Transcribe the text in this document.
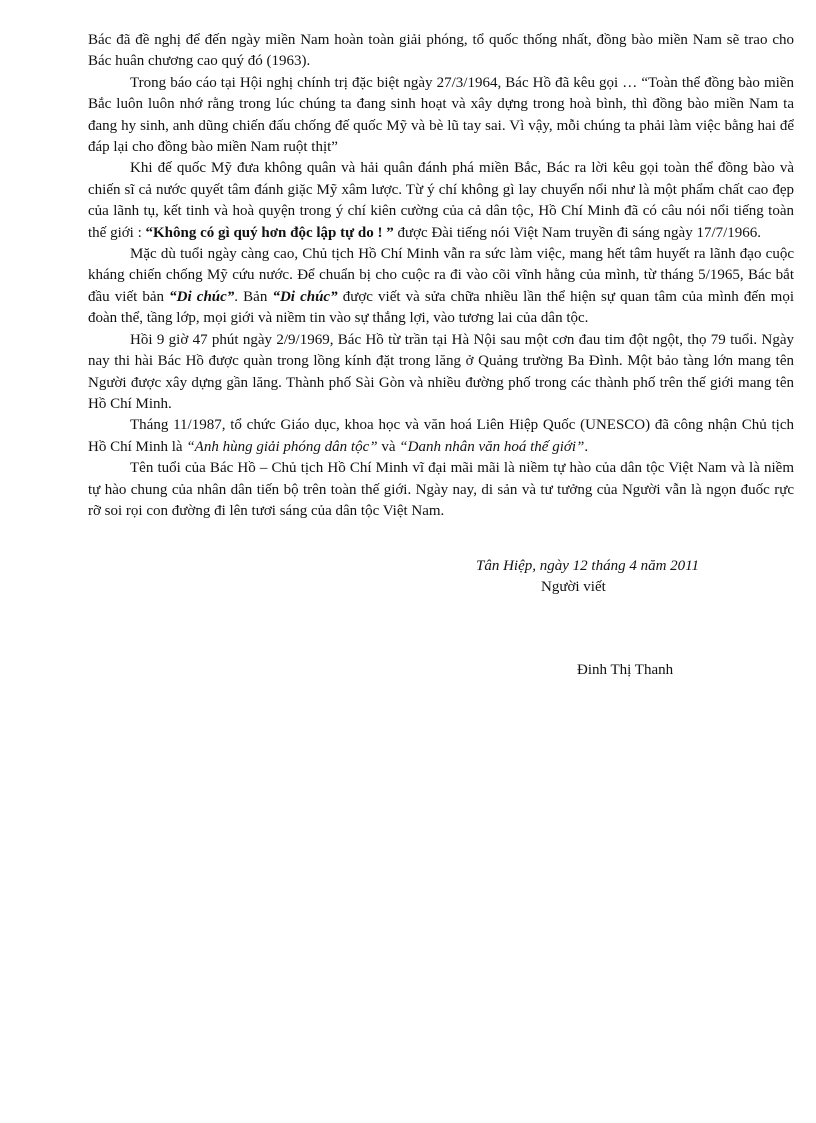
Bác đã đề nghị để đến ngày miền Nam hoàn toàn giải phóng, tổ quốc thống nhất, đồng bào miền Nam sẽ trao cho Bác huân chương cao quý đó (1963).

Trong báo cáo tại Hội nghị chính trị đặc biệt ngày 27/3/1964, Bác Hồ đã kêu gọi … “Toàn thể đồng bào miền Bắc luôn luôn nhớ rằng trong lúc chúng ta đang sinh hoạt và xây dựng trong hoà bình, thì đồng bào miền Nam ta đang hy sinh, anh dũng chiến đấu chống đế quốc Mỹ và bè lũ tay sai. Vì vậy, mỗi chúng ta phải làm việc bằng hai để đáp lại cho đồng bào miền Nam ruột thịt”

Khi đế quốc Mỹ đưa không quân và hải quân đánh phá miền Bắc, Bác ra lời kêu gọi toàn thể đồng bào và chiến sĩ cả nước quyết tâm đánh giặc Mỹ xâm lược. Từ ý chí không gì lay chuyển nổi như là một phẩm chất cao đẹp của lãnh tụ, kết tinh và hoà quyện trong ý chí kiên cường của cả dân tộc, Hồ Chí Minh đã có câu nói nổi tiếng toàn thế giới : “Không có gì quý hơn độc lập tự do ! ” được Đài tiếng nói Việt Nam truyền đi sáng ngày 17/7/1966.

Mặc dù tuổi ngày càng cao, Chủ tịch Hồ Chí Minh vẫn ra sức làm việc, mang hết tâm huyết ra lãnh đạo cuộc kháng chiến chống Mỹ cứu nước. Để chuẩn bị cho cuộc ra đi vào cõi vĩnh hằng của mình, từ tháng 5/1965, Bác bắt đầu viết bản “Di chúc”. Bản “Di chúc” được viết và sửa chữa nhiều lần thể hiện sự quan tâm của mình đến mọi đoàn thể, tầng lớp, mọi giới và niềm tin vào sự thắng lợi, vào tương lai của dân tộc.

Hồi 9 giờ 47 phút ngày 2/9/1969, Bác Hồ từ trần tại Hà Nội sau một cơn đau tim đột ngột, thọ 79 tuổi. Ngày nay thi hài Bác Hồ được quàn trong lồng kính đặt trong lăng ở Quảng trường Ba Đình. Một bảo tàng lớn mang tên Người được xây dựng gần lăng. Thành phố Sài Gòn và nhiều đường phố trong các thành phố trên thế giới mang tên Hồ Chí Minh.

Tháng 11/1987, tổ chức Giáo dục, khoa học và văn hoá Liên Hiệp Quốc (UNESCO) đã công nhận Chủ tịch Hồ Chí Minh là “Anh hùng giải phóng dân tộc” và “Danh nhân văn hoá thế giới”.

Tên tuổi của Bác Hồ – Chủ tịch Hồ Chí Minh vĩ đại mãi mãi là niềm tự hào của dân tộc Việt Nam và là niềm tự hào chung của nhân dân tiến bộ trên toàn thế giới. Ngày nay, di sản và tư tưởng của Người vẫn là ngọn đuốc rực rỡ soi rọi con đường đi lên tươi sáng của dân tộc Việt Nam.

Tân Hiệp, ngày 12 tháng 4 năm 2011
Người viết
Đinh Thị Thanh
